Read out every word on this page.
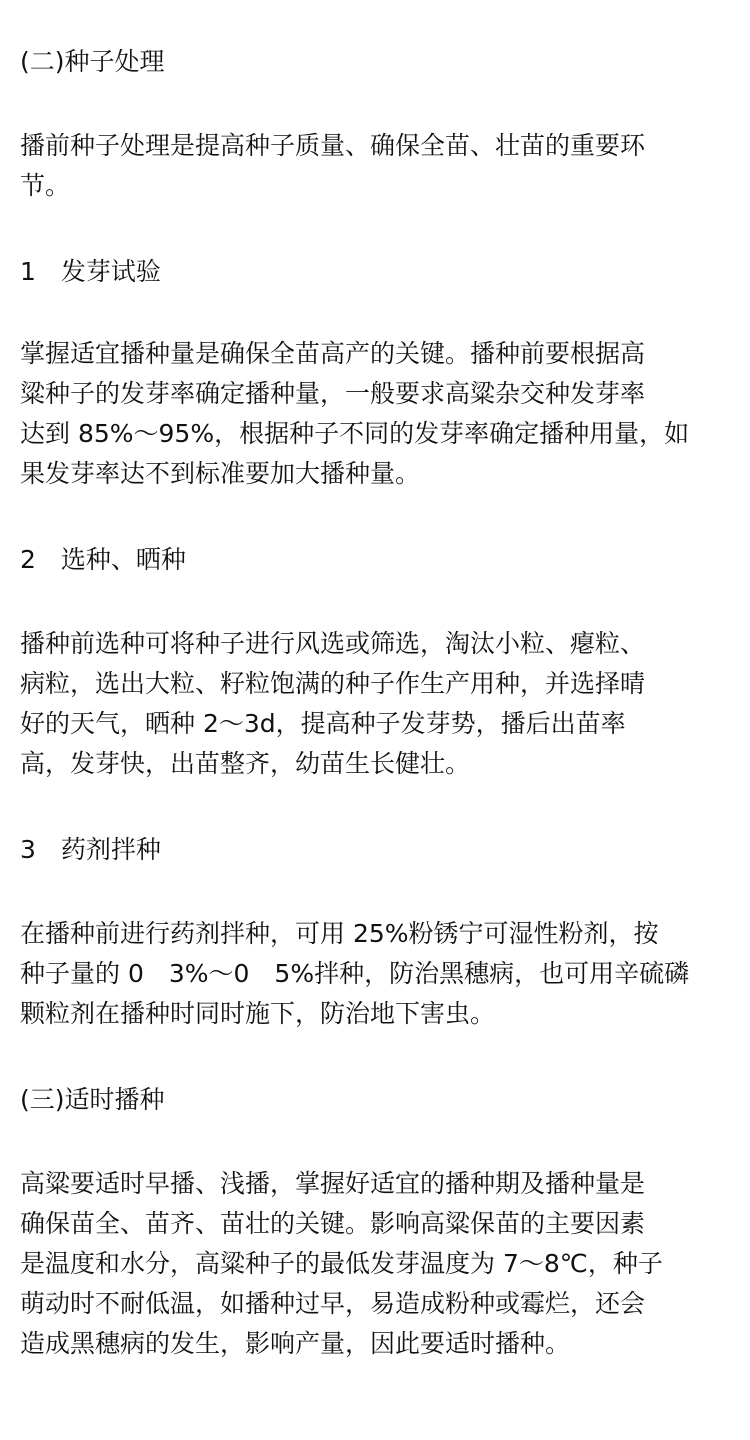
(二)种子处理

播前种子处理是提高种子质量、确保全苗、壮苗的重要环
节。

1　发芽试验

掌握适宜播种量是确保全苗高产的关键。播种前要根据高
粱种子的发芽率确定播种量，一般要求高粱杂交种发芽率
达到 85%～95%，根据种子不同的发芽率确定播种用量，如
果发芽率达不到标准要加大播种量。

2　选种、晒种

播种前选种可将种子进行风选或筛选，淘汰小粒、瘪粒、
病粒，选出大粒、籽粒饱满的种子作生产用种，并选择晴
好的天气，晒种 2～3d，提高种子发芽势，播后出苗率
高，发芽快，出苗整齐，幼苗生长健壮。

3　药剂拌种

在播种前进行药剂拌种，可用 25%粉锈宁可湿性粉剂，按
种子量的 0　3%～0　5%拌种，防治黑穗病，也可用辛硫磷
颗粒剂在播种时同时施下，防治地下害虫。

(三)适时播种

高粱要适时早播、浅播，掌握好适宜的播种期及播种量是
确保苗全、苗齐、苗壮的关键。影响高粱保苗的主要因素
是温度和水分，高粱种子的最低发芽温度为 7～8℃，种子
萌动时不耐低温，如播种过早，易造成粉种或霉烂，还会
造成黑穗病的发生，影响产量，因此要适时播种。
